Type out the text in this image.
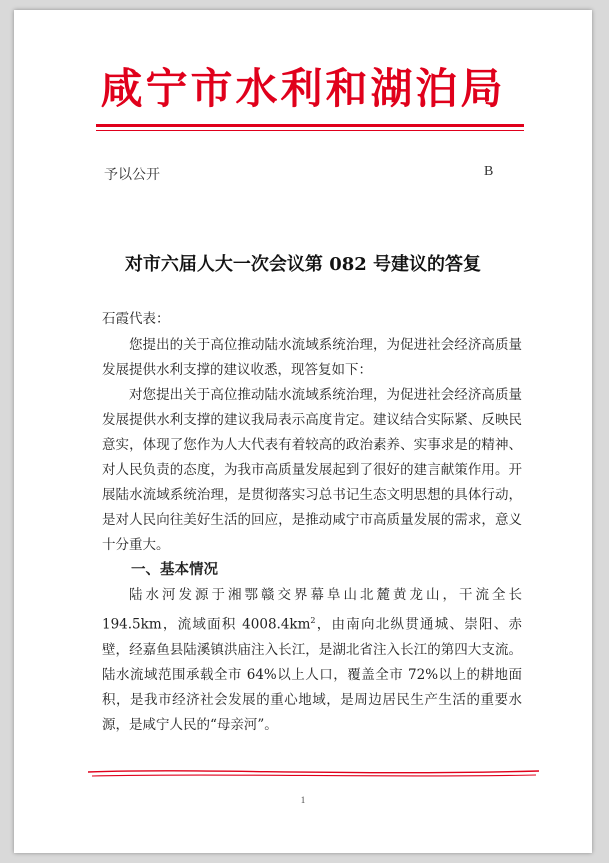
咸宁市水利和湖泊局
予以公开	B
对市六届人大一次会议第 082 号建议的答复

石霞代表：

您提出的关于高位推动陆水流域系统治理，为促进社会经济高质量发展提供水利支撑的建议收悉，现答复如下：

对您提出关于高位推动陆水流域系统治理，为促进社会经济高质量发展提供水利支撑的建议我局表示高度肯定。建议结合实际紧、反映民意实，体现了您作为人大代表有着较高的政治素养、实事求是的精神、对人民负责的态度，为我市高质量发展起到了很好的建言献策作用。开展陆水流域系统治理，是贯彻落实习总书记生态文明思想的具体行动，是对人民向往美好生活的回应，是推动咸宁市高质量发展的需求，意义十分重大。

一、基本情况

陆水河发源于湘鄂赣交界幕阜山北麓黄龙山，干流全长194.5km，流域面积 $4008.4km^2$，由南向北纵贯通城、崇阳、赤壁，经嘉鱼县陆溪镇洪庙注入长江，是湖北省注入长江的第四大支流。陆水流域范围承载全市 64%以上人口，覆盖全市 72%以上的耕地面积，是我市经济社会发展的重心地域，是周边居民生产生活的重要水源，是咸宁人民的“母亲河”。

1
